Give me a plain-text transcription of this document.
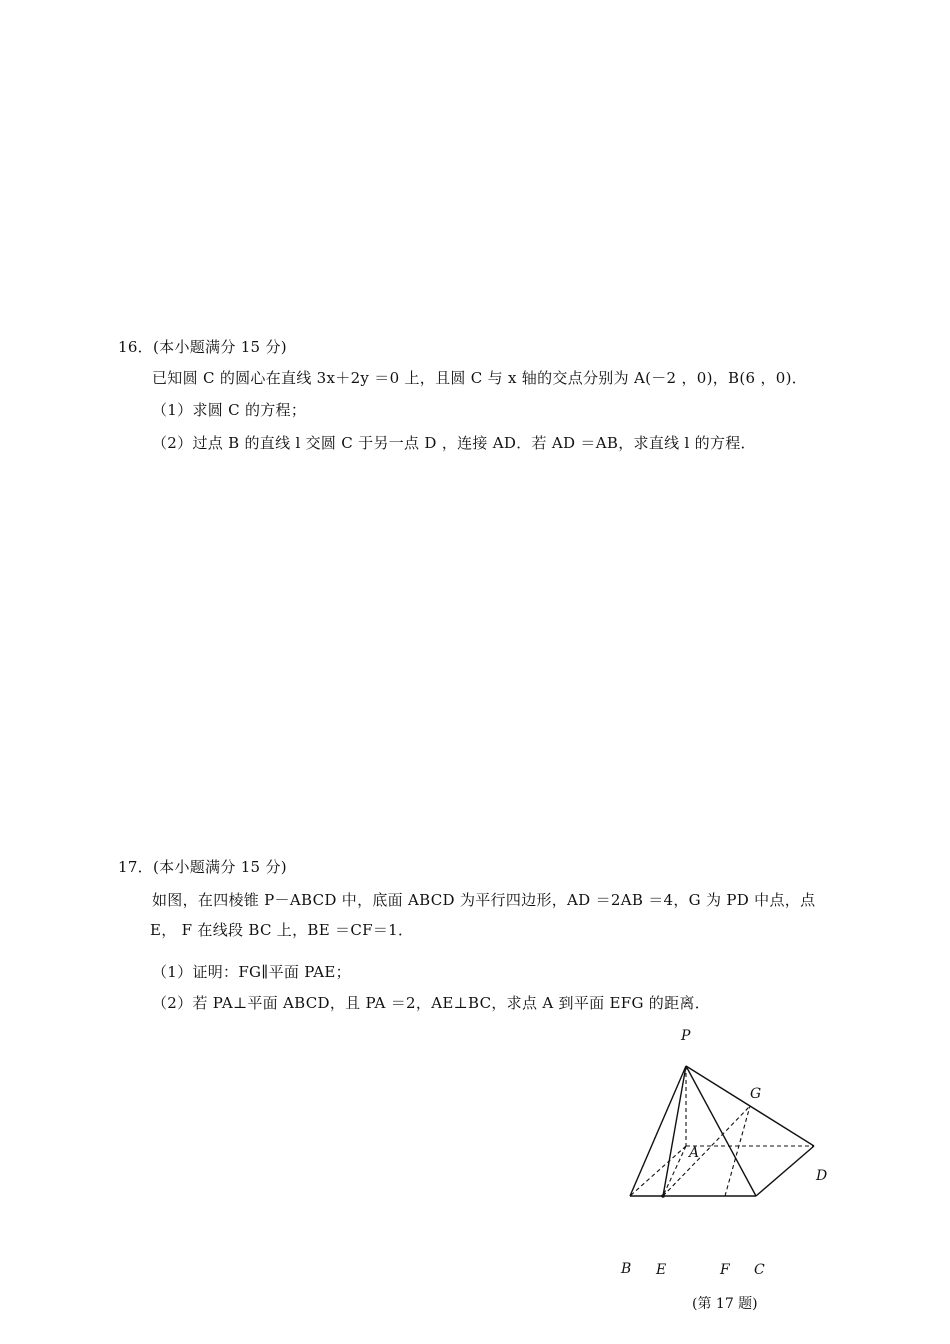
16．(本小题满分 15 分)
已知圆 C 的圆心在直线 3x＋2y ＝0 上，且圆 C 与 x 轴的交点分别为 A(－2 ，0)，B(6 ，0)．
（1）求圆 C 的方程；
（2）过点 B 的直线 l 交圆 C 于另一点 D ，连接 AD．若 AD ＝AB，求直线 l 的方程．
17．(本小题满分 15 分)
如图，在四棱锥 P－ABCD 中，底面 ABCD 为平行四边形，AD ＝2AB ＝4，G 为 PD 中点，点
E， F 在线段 BC 上，BE ＝CF＝1．
（1）证明：FG∥平面 PAE；
（2）若 PA⊥平面 ABCD，且 PA ＝2，AE⊥BC，求点 A 到平面 EFG 的距离．
P
G
A
D
B E	F C
(第 17 题)
